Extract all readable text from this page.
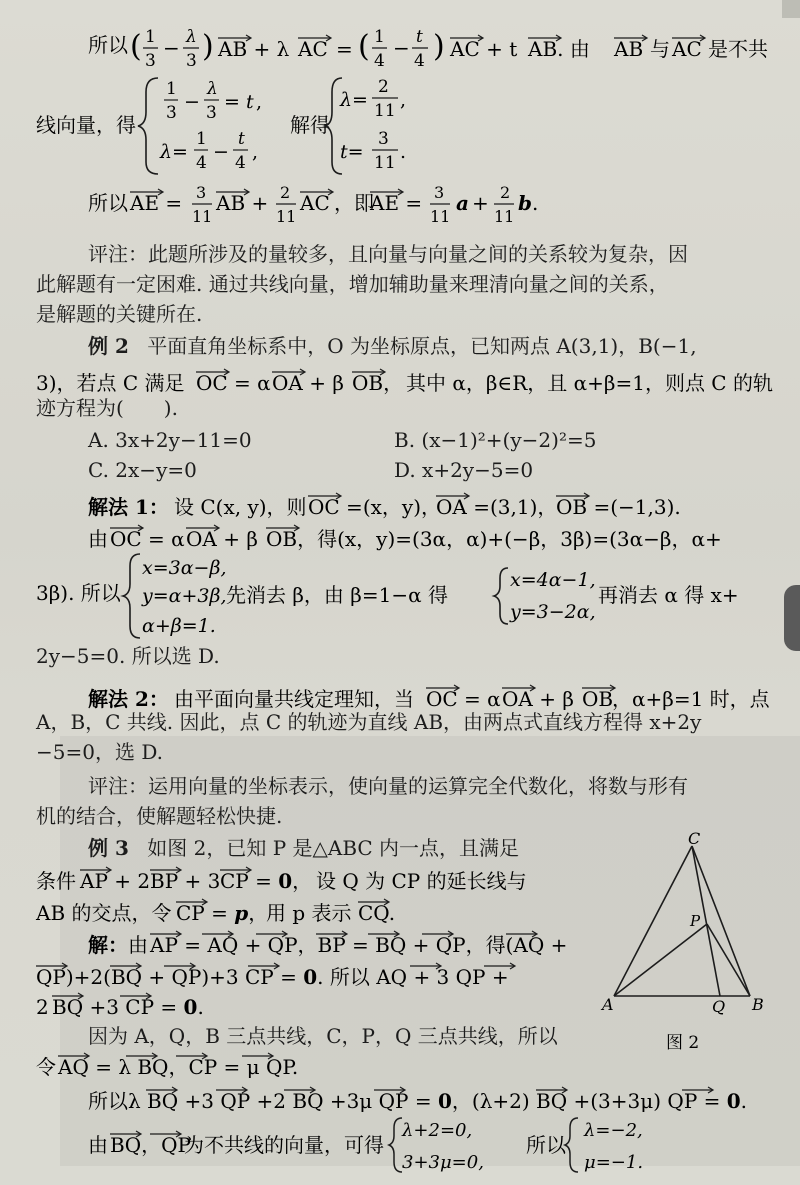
所以 ( 1
3
− λ
3 ) AB + λ AC = ( 1
4
− t
4 ) AC + t AB. 由 AB 与 AC 是不共
线向量，得
1
3 −
λ
3 = t ,
λ=
1
4 −
t
4 ,
解得
λ=
2
11 ,
t=
3
11 .
所以 AE = 3
11
AB + 2
11
AC ，即
AE = 3
11
a + 2
11
b .
评注：此题所涉及的量较多，且向量与向量之间的关系较为复杂，因
此解题有一定困难. 通过共线向量，增加辅助量来理清向量之间的关系，
是解题的关键所在.
例 2 平面直角坐标系中，O 为坐标原点，已知两点 A(3,1)，B(−1,
3)，若点 C 满足 OC = α OA + β OB， 其中 α，β∈R，且 α+β=1，则点 C 的轨
迹方程为(　　).
A. 3x+2y−11=0	B. (x−1)²+(y−2)²=5
C. 2x−y=0	D. x+2y−5=0
解法 1： 设 C(x, y)，则 OC =(x，y)，
OA =(3,1)，
OB =(−1,3).
由 OC = α OA + β OB，得(x，y)=(3α，α)+(−β，3β)=(3α−β，α+
3β). 所以
x=3α−β,
y=α+3β,
α+β=1.
先消去 β，由 β=1−α 得
x=4α−1,
y=3−2α,
再消去 α 得 x+
2y−5=0. 所以选 D.
解法 2： 由平面向量共线定理知，当 OC = α OA + β OB
，α+β=1 时，点
A，B，C 共线. 因此，点 C 的轨迹为直线 AB，由两点式直线方程得 x+2y
−5=0，选 D.
评注：运用向量的坐标表示，使向量的运算完全代数化，将数与形有
机的结合，使解题轻松快捷.
例 3 如图 2，已知 P 是△ABC 内一点，且满足
条件 AP + 2 BP + 3 CP = 0， 设 Q 为 CP 的延长线与
AB 的交点，令 CP = p，
用 p 表示 CQ.
解： 由 AP = AQ + QP，BP = BQ + QP，得(AQ +
QP)+2(BQ + QP)+3 CP = 0. 所以 AQ + 3 QP +
2 BQ +3 CP = 0.
因为 A，Q，B 三点共线，C，P，Q 三点共线，所以
令 AQ = λ BQ，CP = μ QP.
所以 λ BQ +3 QP +2 BQ +3μ QP = 0，(λ+2) BQ +(3+3μ) QP = 0.
由 BQ，QP
为不共线的向量，可得
λ+2=0,
3+3μ=0,
所以
λ=−2,
μ=−1.
C
P
A	Q B
图 2
